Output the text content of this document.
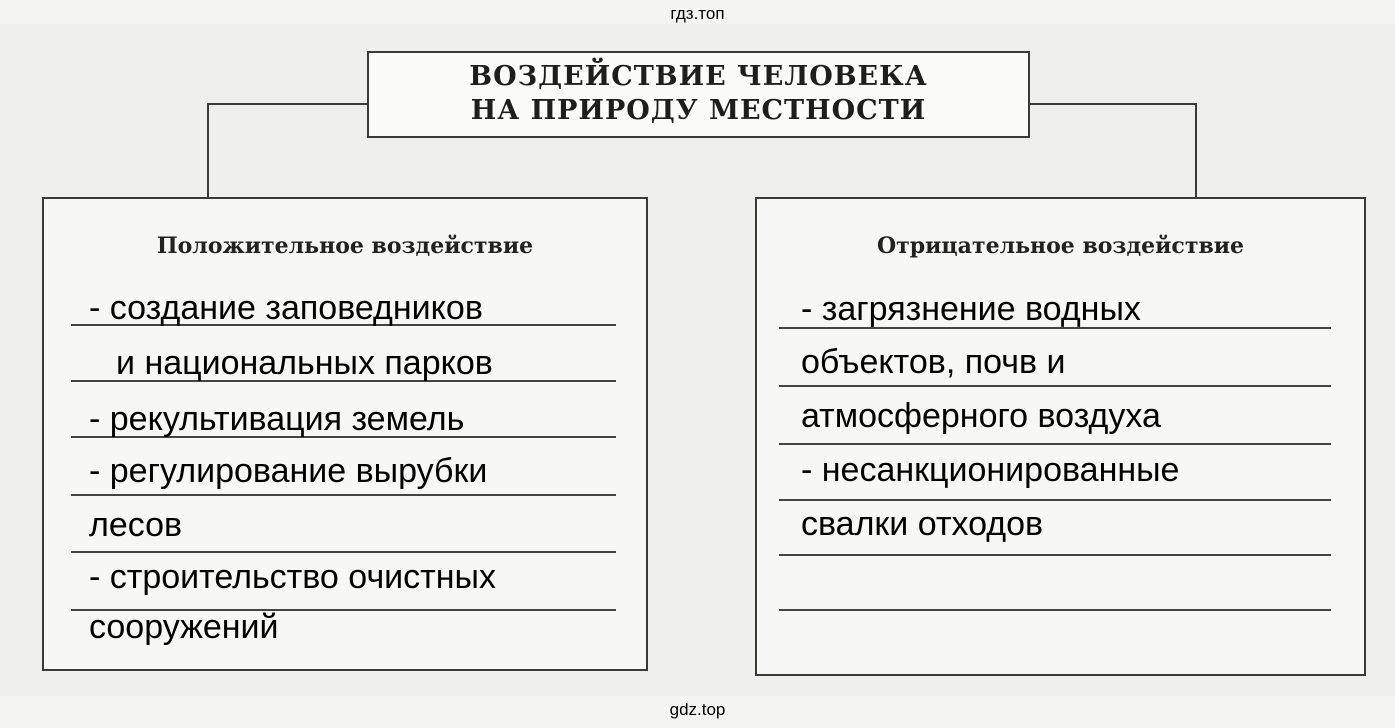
гдз.топ
ВОЗДЕЙСТВИЕ ЧЕЛОВЕКА
НА ПРИРОДУ МЕСТНОСТИ
Положительное воздействие
- создание заповедников
и национальных парков
- рекультивация земель
- регулирование вырубки
лесов
- строительство очистных
сооружений
Отрицательное воздействие
- загрязнение водных
объектов, почв и
атмосферного воздуха
- несанкционированные
свалки отходов
gdz.top
